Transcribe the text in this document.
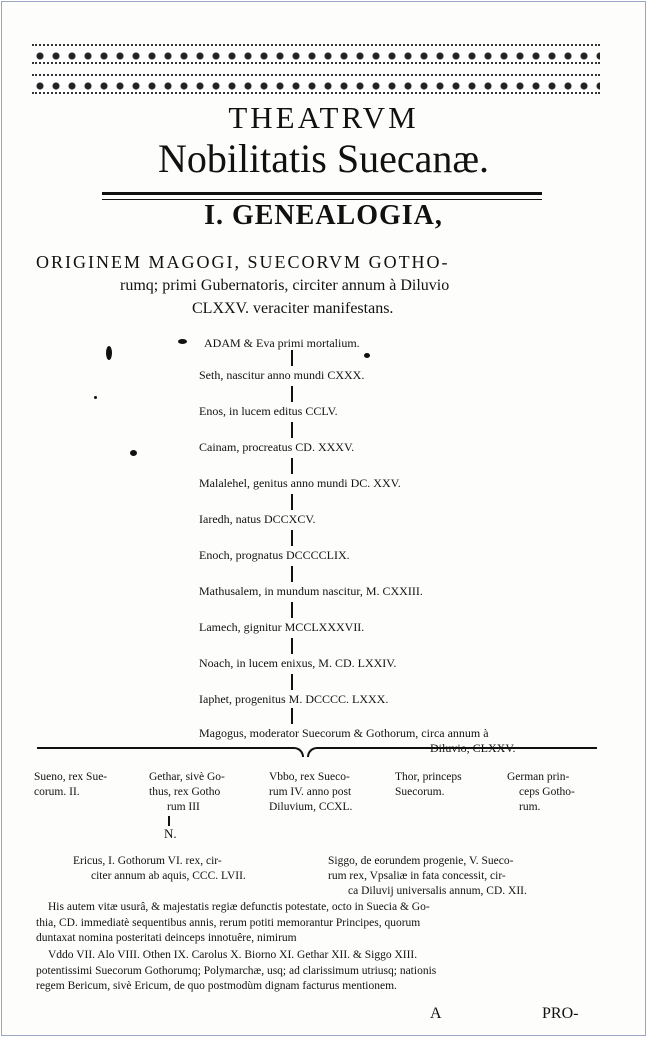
THEATRVM
Nobilitatis Suecanæ.
I. GENEALOGIA,
ORIGINEM MAGOGI, SUECORVM GOTHO-
rumq; primi Gubernatoris, circiter annum à Diluvio
CLXXV. veraciter manifestans.
ADAM & Eva primi mortalium.
Seth, nascitur anno mundi CXXX.
Enos, in lucem editus CCLV.
Cainam, procreatus CD. XXXV.
Malalehel, genitus anno mundi DC. XXV.
Iaredh, natus DCCXCV.
Enoch, prognatus DCCCCLIX.
Mathusalem, in mundum nascitur, M. CXXIII.
Lamech, gignitur MCCLXXXVII.
Noach, in lucem enixus, M. CD. LXXIV.
Iaphet, progenitus M. DCCCC. LXXX.
Magogus, moderator Suecorum & Gothorum, circa annum à
Diluvio, CLXXV.
Sueno, rex Sue-
corum. II.
Gethar, sivè Go-
thus, rex Gotho
rum III
Vbbo, rex Sueco-
rum IV. anno post
Diluvium, CCXL.
Thor, princeps
Suecorum.
German prin-
ceps Gotho-
rum.
N.
Ericus, I. Gothorum VI. rex, cir-
citer annum ab aquis, CCC. LVII.
Siggo, de eorundem progenie, V. Sueco-
rum rex, Vpsaliæ in fata concessit, cir-
ca Diluvij universalis annum, CD. XII.
His autem vitæ usurâ, & majestatis regiæ defunctis potestate, octo in Suecia & Go-
thia, CD. immediatè sequentibus annis, rerum potiti memorantur Principes, quorum
duntaxat nomina posteritati deinceps innotuêre, nimirum
Vddo VII. Alo VIII. Othen IX. Carolus X. Biorno XI. Gethar XII. & Siggo XIII.
potentissimi Suecorum Gothorumq; Polymarchæ, usq; ad clarissimum utriusq; nationis
regem Bericum, sivè Ericum, de quo postmodùm dignam facturus mentionem.
A	PRO-
